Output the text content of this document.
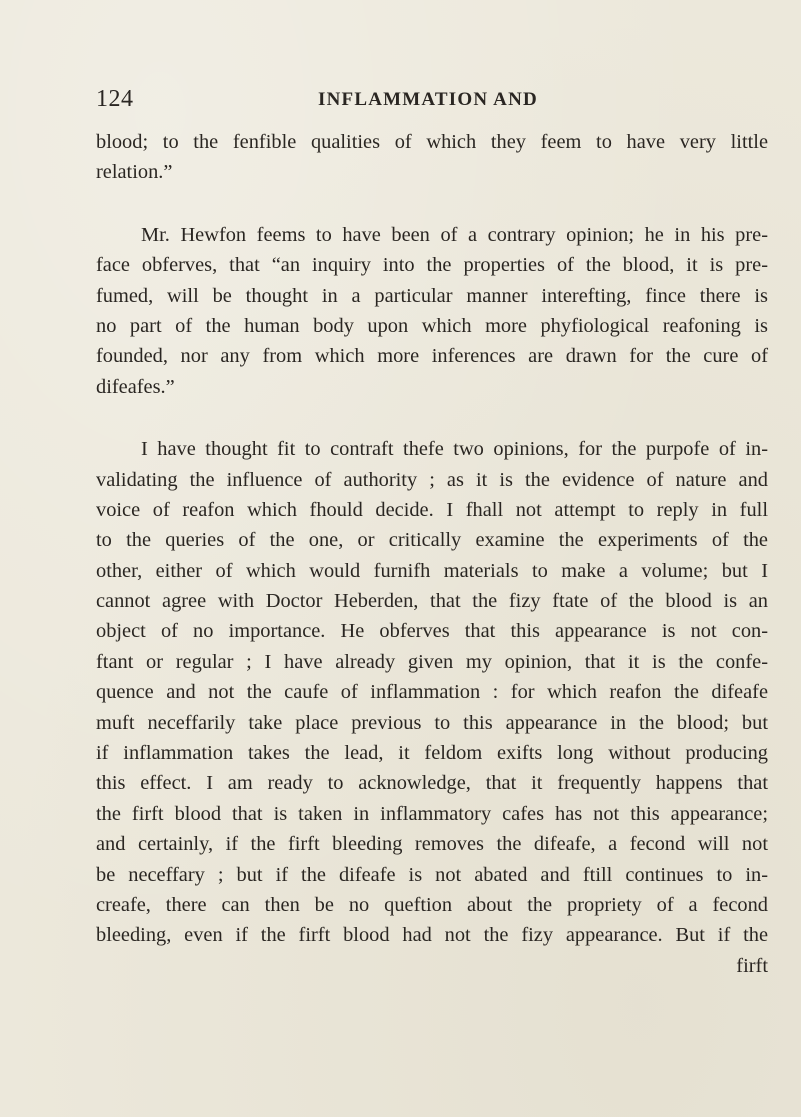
124	INFLAMMATION AND
blood; to the fenfible qualities of which they feem to have very little
relation.”
Mr. Hewfon feems to have been of a contrary opinion; he in his pre-
face obferves, that “an inquiry into the properties of the blood, it is pre-
fumed, will be thought in a particular manner interefting, fince there is
no part of the human body upon which more phyfiological reafoning is
founded, nor any from which more inferences are drawn for the cure of
difeafes.”
I have thought fit to contraft thefe two opinions, for the purpofe of in-
validating the influence of authority ; as it is the evidence of nature and
voice of reafon which fhould decide. I fhall not attempt to reply in full
to the queries of the one, or critically examine the experiments of the
other, either of which would furnifh materials to make a volume; but I
cannot agree with Doctor Heberden, that the fizy ftate of the blood is an
object of no importance. He obferves that this appearance is not con-
ftant or regular ; I have already given my opinion, that it is the confe-
quence and not the caufe of inflammation : for which reafon the difeafe
muft neceffarily take place previous to this appearance in the blood; but
if inflammation takes the lead, it feldom exifts long without producing
this effect. I am ready to acknowledge, that it frequently happens that
the firft blood that is taken in inflammatory cafes has not this appearance;
and certainly, if the firft bleeding removes the difeafe, a fecond will not
be neceffary ; but if the difeafe is not abated and ftill continues to in-
creafe, there can then be no queftion about the propriety of a fecond
bleeding, even if the firft blood had not the fizy appearance. But if the
firft
